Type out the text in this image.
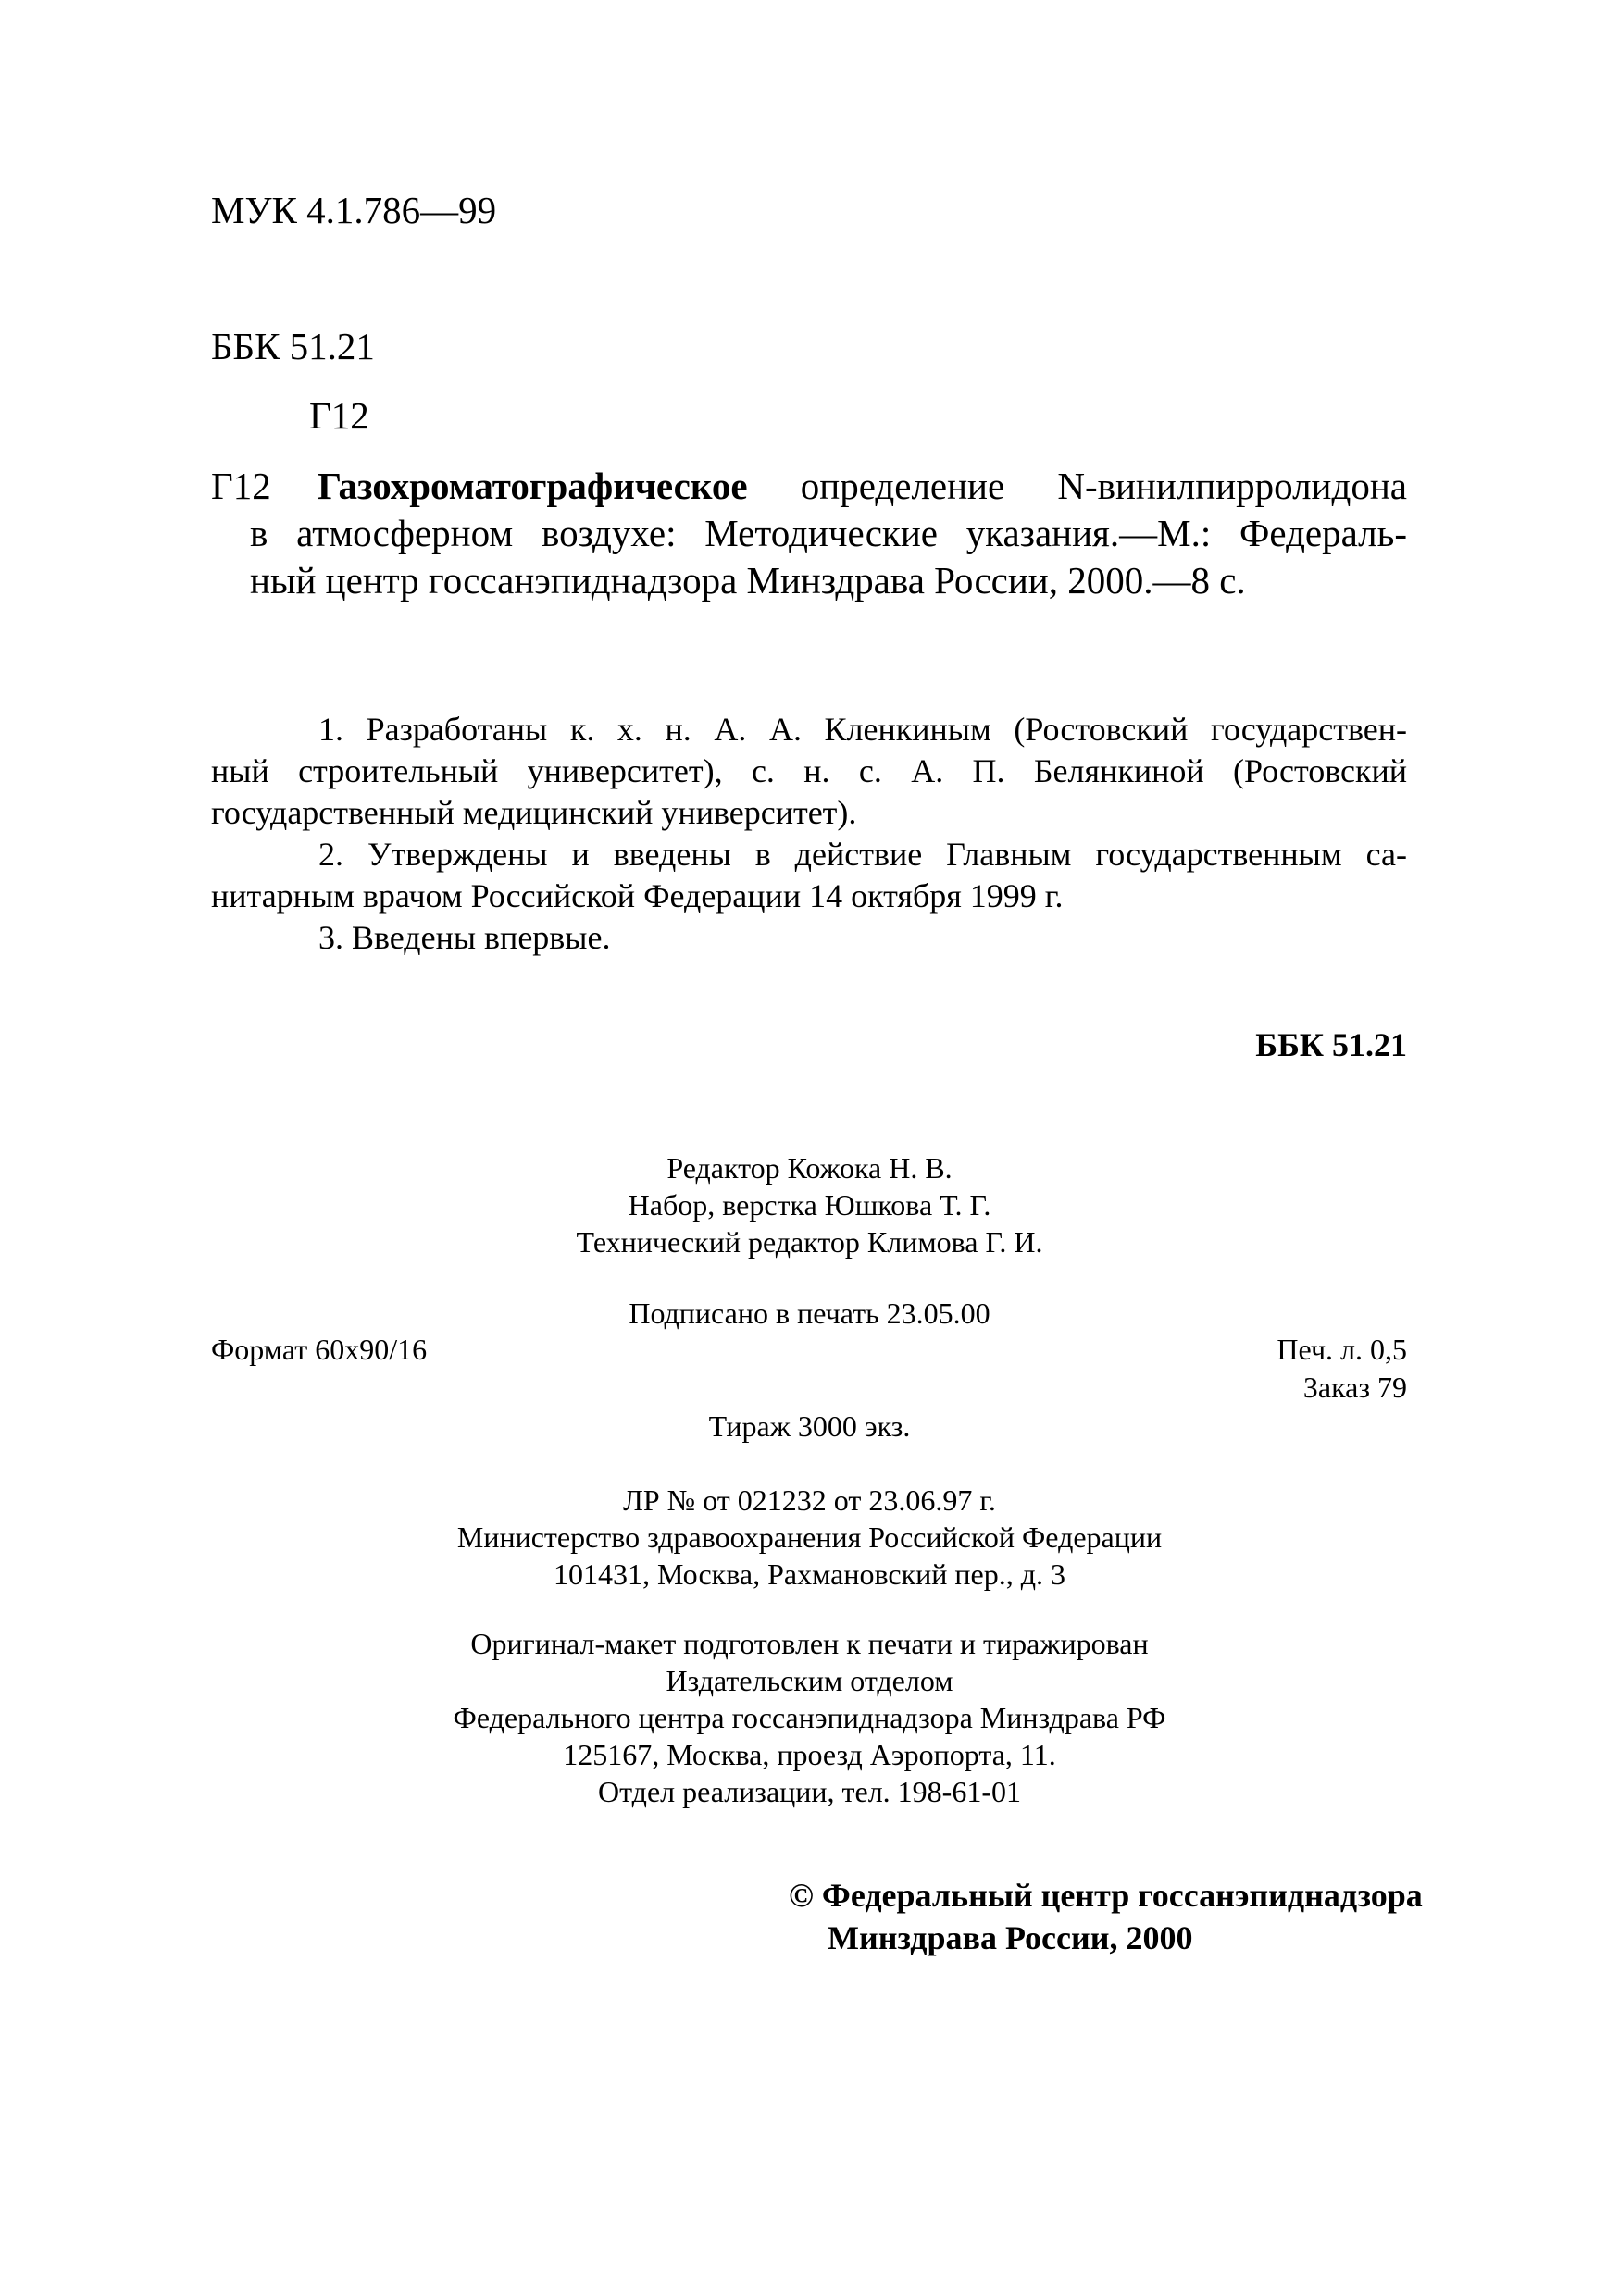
МУК 4.1.786—99
ББК 51.21
Г12
Г12 Газохроматографическое определение N-винилпирролидона
в атмосферном воздухе: Методические указания.—М.: Федераль-
ный центр госсанэпиднадзора Минздрава России, 2000.—8 с.
1. Разработаны к. х. н. А. А. Кленкиным (Ростовский государствен-
ный строительный университет), с. н. с. А. П. Белянкиной (Ростовский
государственный медицинский университет).
2. Утверждены и введены в действие Главным государственным са-
нитарным врачом Российской Федерации 14 октября 1999 г.
3. Введены впервые.
ББК 51.21
Редактор Кожока Н. В.
Набор, верстка Юшкова Т. Г.
Технический редактор Климова Г. И.
Подписано в печать 23.05.00
Формат 60x90/16	Печ. л. 0,5
Заказ 79
Тираж 3000 экз.
ЛР № от 021232 от 23.06.97 г.
Министерство здравоохранения Российской Федерации
101431, Москва, Рахмановский пер., д. 3
Оригинал-макет подготовлен к печати и тиражирован
Издательским отделом
Федерального центра госсанэпиднадзора Минздрава РФ
125167, Москва, проезд Аэропорта, 11.
Отдел реализации, тел. 198-61-01
© Федеральный центр госсанэпиднадзора
Минздрава России, 2000
